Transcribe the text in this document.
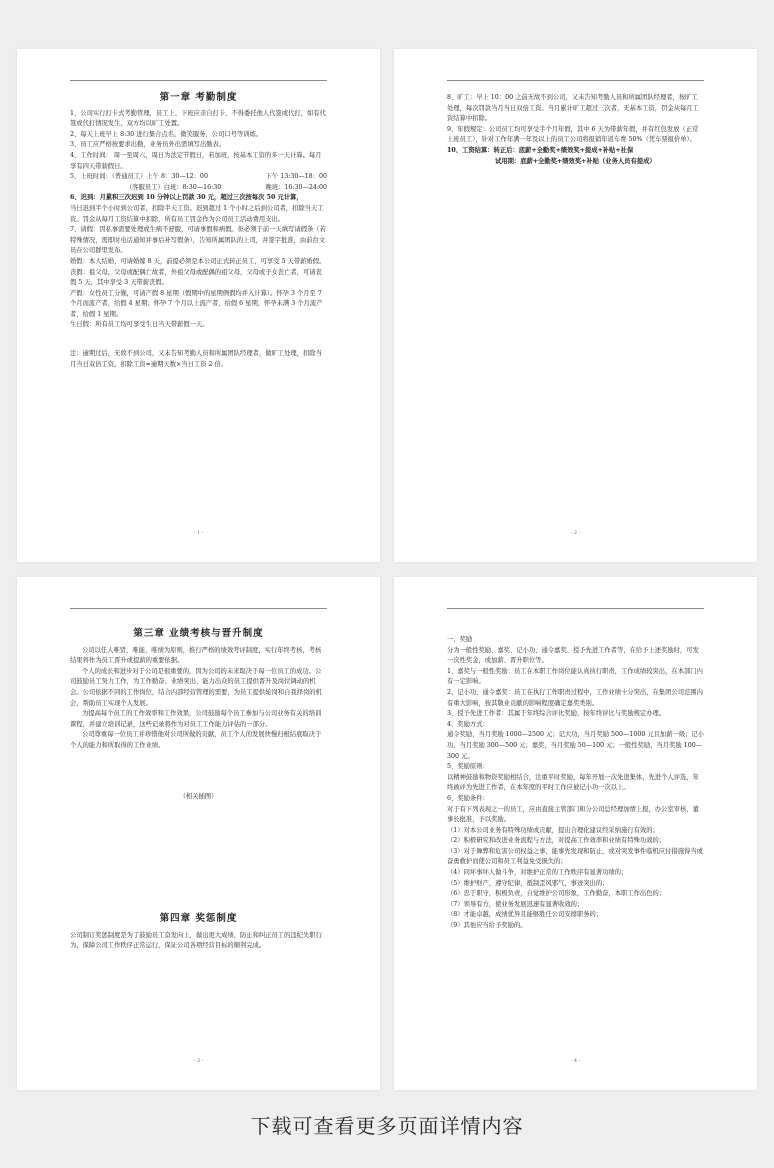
第一章 考勤制度
1、公司实行打卡式考勤管理，员工上、下班应亲自打卡，不得委托他人代签或代打，如有代签或代打情况发生，双方均以旷工处置。
2、每天上班早上 8:30 进行集合点名，微笑服务，公司口号等训练。
3、员工应严格按要求出勤，业务员外出需填写出勤表。
4、工作时间： 周一至周六，周日为法定节假日，若加班，按基本工资的多一天计算。每月享有四天带薪假日。
5、上班时间：（普通员工）上午 8：30—12：00	下午 13:30—18：00
（客服员工）白班：8:30—16:30	晚班：16:30—24:00
6、迟到：月累积三次迟到 10 分钟以上罚款 30 元，超过三次按每次 50 元计算，
当日迟到半个小时到公司者，扣除半天工资。迟到超过 1 个小时之后到公司者，扣除当天工资。罚金从每月工资结算中扣除，所有员工罚金作为公司员工活动费用支出。
7、请假：因私事需要处理或生病不舒服，可请事假和病假。但必须于前一天填写请假条（若特殊情况，需即时电话通知并事后补写假条），告知所属团队的上司，并签字批准，由前台文员在公司群里发布。
婚假：本人结婚，可请婚嫁 8 天，前提必须是本公司正式转正员工，可享受 5 天带薪婚假。
丧假：祖父母，父母或配偶亡故者，外祖父母或配偶的祖父母，父母或子女丧亡者，可请丧假 5 天，其中享受 3 天带薪丧假。
产假：女性员工分娩，可请产假 8 星期（假期中的星期例假均并入计算）。怀孕 3 个月至 7 个月而流产者，给假 4 星期；怀孕 7 个月以上流产者，给假 6 星期，怀孕未满 3 个月流产者，给假 1 星期。
生日假：所有员工均可享受生日当天带薪假一天。
注：逾期过后，无故不到公司，又未告知考勤人员和所属团队经理者，做旷工处理，扣除当月当日双倍工资。扣除工资=逾期天数×当日工资 2 倍。
- 1 -
8、旷工：早上 10：00 之前无故不到公司，又未告知考勤人员和所属团队经理者，按旷工处理，每次罚款当月当日双倍工资。当月累计旷工超过三次者，无基本工资，罚金从每月工资结算中扣除。
9、年假规定：公司员工均可享受半个月年假，其中 6 天为带薪年假，并有红包发放（正常上班员工），针对工作年满一年及以上的员工公司将报销年返车费 50%（凭车票报价单）。
10、工资结算：转正后：底薪+全勤奖+绩效奖+提成+补贴+社保
试用期：底薪+全勤奖+绩效奖+补贴（业务人员有提成）
- 2 -
第三章 业绩考核与晋升制度
公司以任人唯贤、唯能、唯绩为原则，推行严格的绩效考评制度，实行年终考核，考核结果将作为员工晋升或提薪的重要依据。
个人的成长和进步对于公司是很重要的，因为公司的未来取决于每一位员工的成功。公司鼓励员工努力工作，为工作勤奋、业绩突出、能力出众的员工提供晋升及岗位调动的机会。公司依据不同的工作岗位，结合内部经营管理的需要，为员工提供轮岗和自我择岗的机会，帮助员工实现个人发展。
为提高每个员工的工作效率和工作效果，公司鼓励每个员工参加与公司业务有关的培训课程，并建立培训记录，这些记录将作为对员工工作能力评估的一部分。
公司尊重每一位员工并珍惜他对公司所做的贡献，员工个人的发展快慢归根结底取决于个人的能力和所取得的工作业绩。
（相关插图）
第四章 奖惩制度
公司制订奖惩制度是为了鼓励员工奋发向上，做出更大成绩，防止和纠正员工的违纪失职行为，保障公司工作秩序正常运行，保证公司各项经营目标的顺利完成。
- 3 -
一、奖励
分为一般性奖励、嘉奖、记小功、通令嘉奖、授予先进工作者等，在给予上述奖励时，可发一次性奖金，或加薪、晋升职位等。
1、嘉奖与一般性奖励：员工在本职工作岗位能认真执行职责，工作成绩较突出，在本部门内有一定影响。
2、记小功、通令嘉奖：员工在执行工作职责过程中，工作业绩十分突出，在集团公司范围内有重大影响，按其敬业贡献的影响程度确定嘉奖类别。
3、授予先进工作者：其属于年终综合评比奖励，按年终评比与奖励规定办理。
4、奖励方式：
通令奖励，当月奖励 1000—2500 元；记大功，当月奖励 500—1000 元且加薪一级；记小功，当月奖励 300—500 元；嘉奖，当月奖励 50—100 元；一般性奖励，当月奖励 100—300 元。
5、奖励原则：
以精神鼓励和物资奖励相结合，注重平时奖励，每年开展一次先进集体，先进个人评选，年终被评为先进工作者，在本年度的平时工作应被记小功一次以上。
6、奖励条件：
对于有下列表现之一的员工，应由直接主管部门和分公司总经理加情上报，办公室审核，董事长批准，予以奖励。
（1）对本公司业务有特殊功绩或贡献，提出合理化建议经采纳施行有效的；
（2）积极研究和改进业务流程与方法，对提高工作效率和业绩有特殊功效的；
（3）对于舞弊和危害公司权益之事，能事先发现和防止，或对突发事件临机应付措施得当或奋勇救护而使公司和员工利益免受损失的；
（4）同坏事坏人做斗争，对维护正常的工作秩序有显著功绩的；
（5）维护财产，遵守纪律，抵制歪风邪气，事迹突出的；
（6）忠于职守，积极负责，自觉维护公司形象，工作勤奋，本职工作出色的；
（7）领导有方，使业务发展迅速有显著收效的；
（8）才能卓越，成绩优异且能够胜任公司安排职务的；
（9）其他应当给予奖励的。
- 4 -
下载可查看更多页面详情内容
